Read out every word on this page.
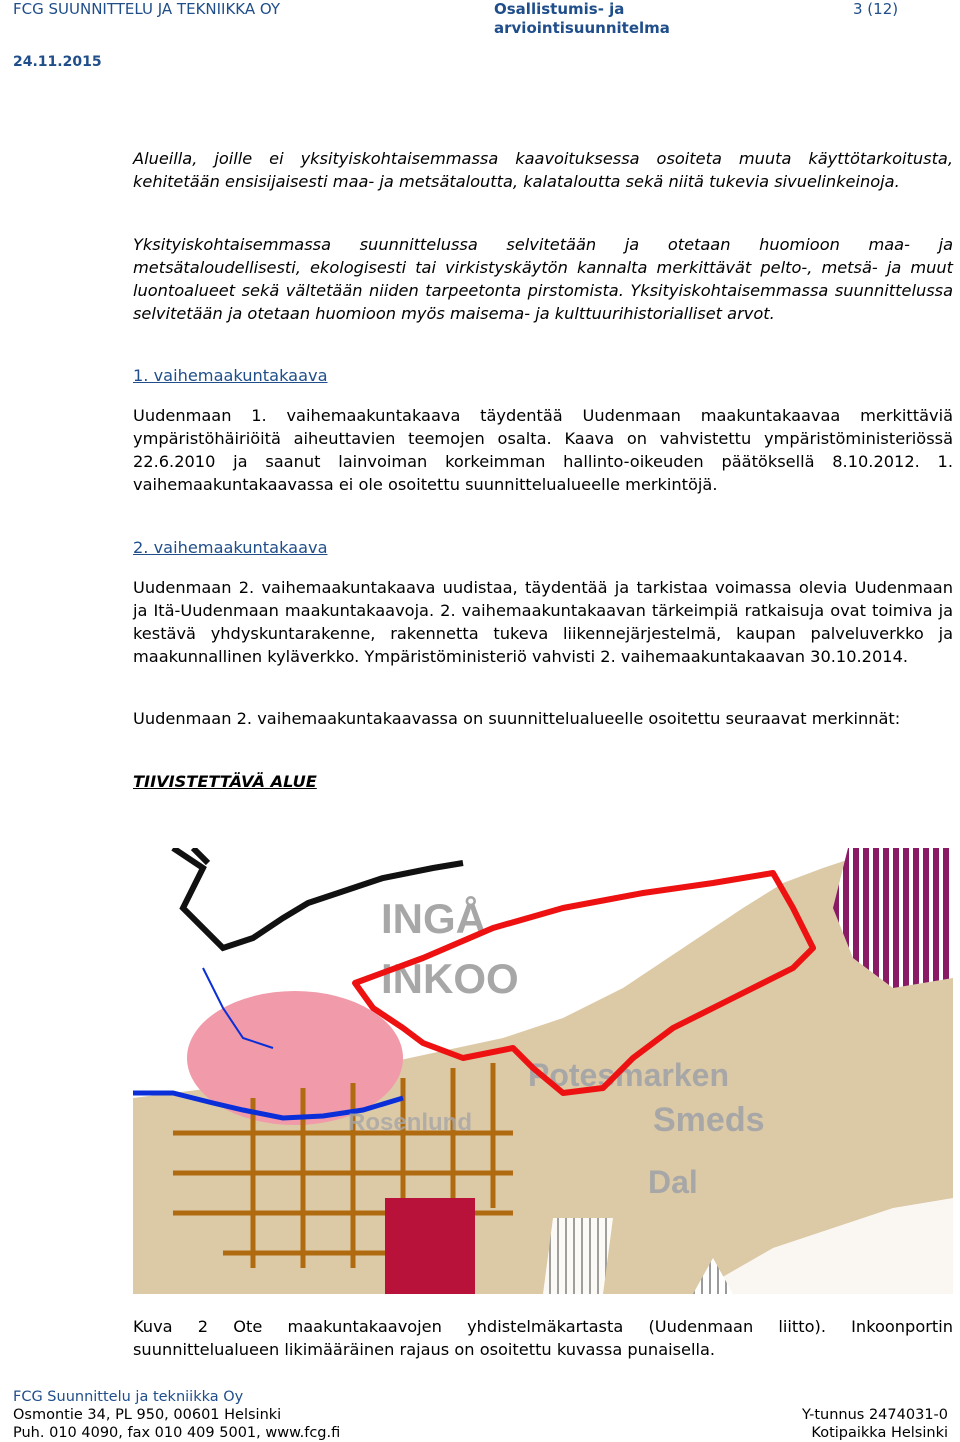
FCG SUUNNITTELU JA TEKNIIKKA OY	Osallistumis- ja
arviointisuunnitelma
3 (12)
24.11.2015

Alueilla, joille ei yksityiskohtaisemmassa kaavoituksessa osoiteta muuta käyttötarkoitusta, kehitetään ensisijaisesti maa- ja metsätaloutta, kalataloutta sekä niitä tukevia sivuelinkeinoja.

Yksityiskohtaisemmassa suunnittelussa selvitetään ja otetaan huomioon maa- ja metsätaloudellisesti, ekologisesti tai virkistyskäytön kannalta merkittävät pelto-, metsä- ja muut luontoalueet sekä vältetään niiden tarpeetonta pirstomista. Yksityiskohtaisemmassa suunnittelussa selvitetään ja otetaan huomioon myös maisema- ja kulttuurihistorialliset arvot.

1. vaihemaakuntakaava

Uudenmaan 1. vaihemaakuntakaava täydentää Uudenmaan maakuntakaavaa merkittäviä ympäristöhäiriöitä aiheuttavien teemojen osalta. Kaava on vahvistettu ympäristöministeriössä 22.6.2010 ja saanut lainvoiman korkeimman hallinto-oikeuden päätöksellä 8.10.2012. 1. vaihemaakuntakaavassa ei ole osoitettu suunnittelualueelle merkintöjä.

2. vaihemaakuntakaava

Uudenmaan 2. vaihemaakuntakaava uudistaa, täydentää ja tarkistaa voimassa olevia Uudenmaan ja Itä-Uudenmaan maakuntakaavoja. 2. vaihemaakuntakaavan tärkeimpiä ratkaisuja ovat toimiva ja kestävä yhdyskuntarakenne, rakennetta tukeva liikennejärjestelmä, kaupan palveluverkko ja maakunnallinen kyläverkko. Ympäristöministeriö vahvisti 2. vaihemaakuntakaavan 30.10.2014.

Uudenmaan 2. vaihemaakuntakaavassa on suunnittelualueelle osoitettu seuraavat merkinnät:

TIIVISTETTÄVÄ ALUE

INGÅ
INKOO
Potesmarken
Smeds
Dal
Rosenlund

Kuva 2 Ote maakuntakaavojen yhdistelmäkartasta (Uudenmaan liitto). Inkoonportin suunnittelualueen likimääräinen rajaus on osoitettu kuvassa punaisella.

FCG Suunnittelu ja tekniikka Oy
Osmontie 34, PL 950, 00601 Helsinki
Puh. 010 4090, fax 010 409 5001, www.fcg.fi
Y-tunnus 2474031-0
Kotipaikka Helsinki
